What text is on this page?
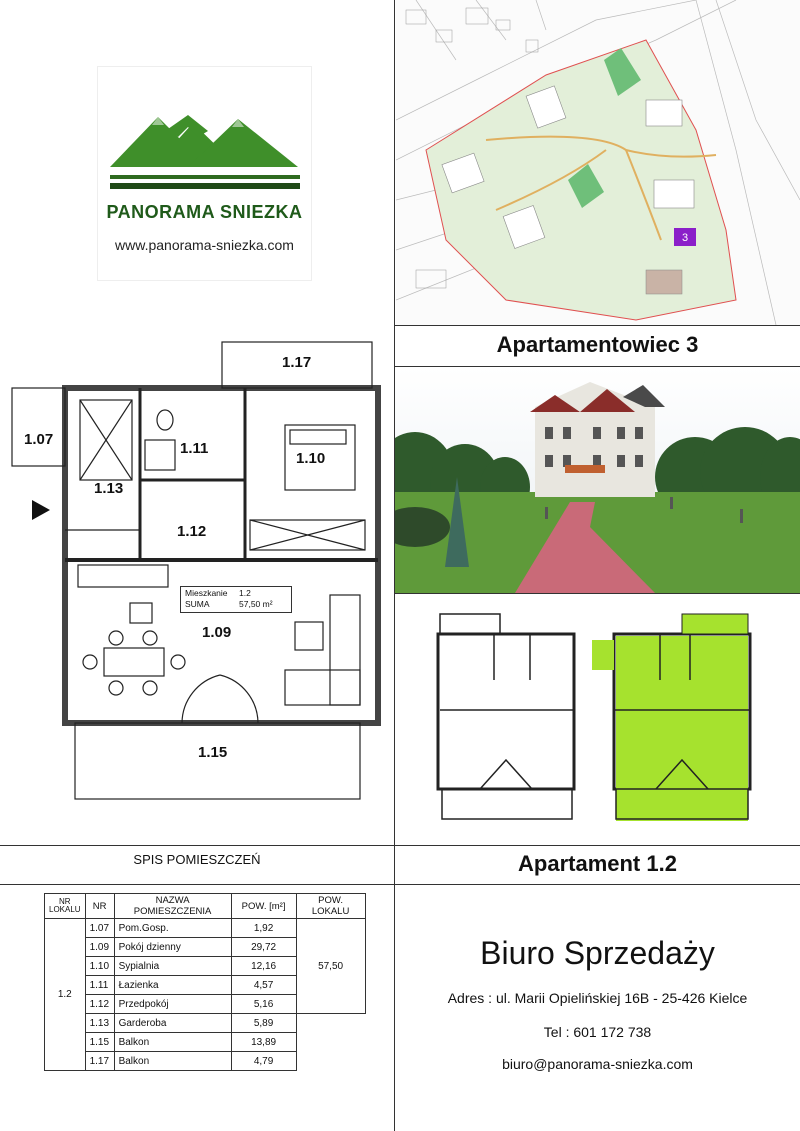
PANORAMA SNIEZKA
www.panorama-sniezka.com	3
Apartamentowiec 3
1.07
1.13
1.11
1.10
1.12
1.17
1.09
1.15
Mieszkanie 1.2
SUMA	57,50 m²
SPIS POMIESZCZEŃ	Apartament 1.2
NR LOKALU	NR	NAZWA POMIESZCZENIA	POW. [m²]	POW. LOKALU
1.2	1.07	Pom.Gosp.	1,92	57,50
	1.09	Pokój dzienny	29,72	
	1.10	Sypialnia	12,16	
	1.11	Łazienka	4,57	
	1.12	Przedpokój	5,16	
	1.13	Garderoba	5,89	
	1.15	Balkon	13,89	
	1.17	Balkon	4,79	
Biuro Sprzedaży
Adres : ul. Marii Opielińskiej 16B - 25-426 Kielce
Tel : 601 172 738
biuro@panorama-sniezka.com
